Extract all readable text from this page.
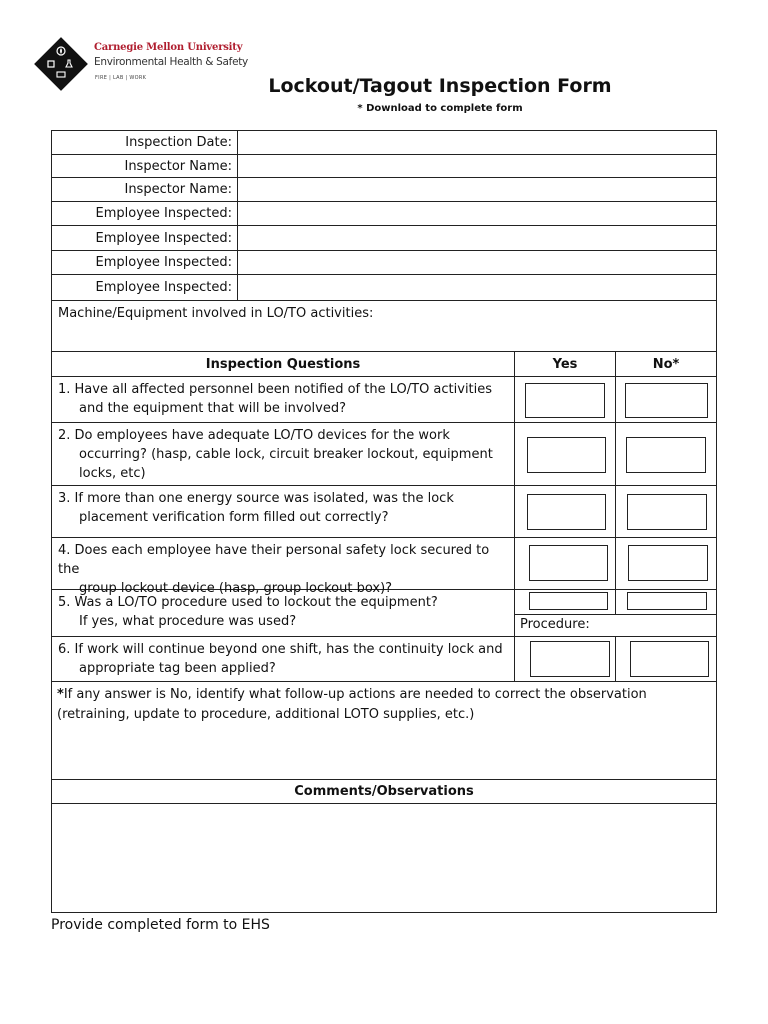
Carnegie Mellon University
Environmental Health & Safety
FIRE | LAB | WORK	Lockout/Tagout Inspection Form
* Download to complete form
Inspection Date:
Inspector Name:
Inspector Name:
Employee Inspected:
Employee Inspected:
Employee Inspected:
Employee Inspected:
Machine/Equipment involved in LO/TO activities:
Inspection Questions	Yes	No*
1. Have all affected personnel been notified of the LO/TO activities
and the equipment that will be involved?
2. Do employees have adequate LO/TO devices for the work
occurring? (hasp, cable lock, circuit breaker lockout, equipment
locks, etc)
3. If more than one energy source was isolated, was the lock
placement verification form filled out correctly?
4. Does each employee have their personal safety lock secured to the
group lockout device (hasp, group lockout box)?
5. Was a LO/TO procedure used to lockout the equipment?
If yes, what procedure was used?	Procedure:
6. If work will continue beyond one shift, has the continuity lock and
appropriate tag been applied?
*If any answer is No, identify what follow-up actions are needed to correct the observation (retraining, update to procedure, additional LOTO supplies, etc.)
Comments/Observations
Provide completed form to EHS
